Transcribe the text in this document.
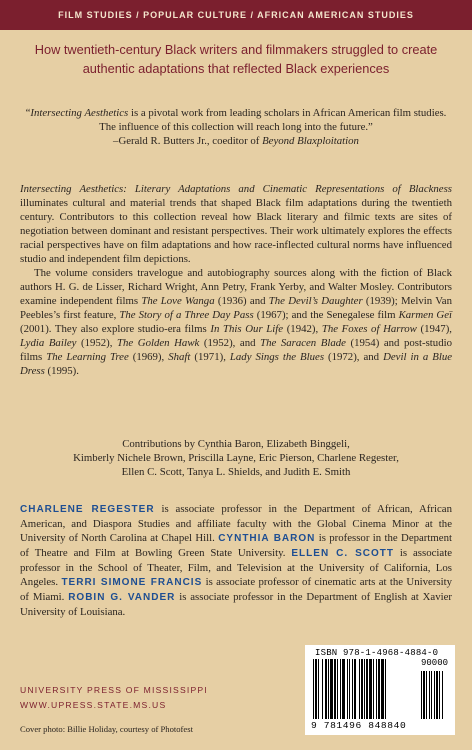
FILM STUDIES / POPULAR CULTURE / AFRICAN AMERICAN STUDIES
How twentieth-century Black writers and filmmakers struggled to create authentic adaptations that reflected Black experiences
“Intersecting Aesthetics is a pivotal work from leading scholars in African American film studies. The influence of this collection will reach long into the future.”
–Gerald R. Butters Jr., coeditor of Beyond Blaxploitation

Intersecting Aesthetics: Literary Adaptations and Cinematic Representations of Blackness illuminates cultural and material trends that shaped Black film adaptations during the twentieth century. Contributors to this collection reveal how Black literary and filmic texts are sites of negotiation between dominant and resistant perspectives. Their work ultimately explores the effects racial perspectives have on film adaptations and how race-inflected cultural norms have influenced studio and independent film depictions.

The volume considers travelogue and autobiography sources along with the fiction of Black authors H. G. de Lisser, Richard Wright, Ann Petry, Frank Yerby, and Walter Mosley. Contributors examine independent films The Love Wanga (1936) and The Devil’s Daughter (1939); Melvin Van Peebles’s first feature, The Story of a Three Day Pass (1967); and the Senegalese film Karmen Geï (2001). They also explore studio-era films In This Our Life (1942), The Foxes of Harrow (1947), Lydia Bailey (1952), The Golden Hawk (1952), and The Saracen Blade (1954) and post-studio films The Learning Tree (1969), Shaft (1971), Lady Sings the Blues (1972), and Devil in a Blue Dress (1995).

Contributions by Cynthia Baron, Elizabeth Binggeli,
Kimberly Nichele Brown, Priscilla Layne, Eric Pierson, Charlene Regester,
Ellen C. Scott, Tanya L. Shields, and Judith E. Smith

CHARLENE REGESTER is associate professor in the Department of African, African American, and Diaspora Studies and affiliate faculty with the Global Cinema Minor at the University of North Carolina at Chapel Hill. CYNTHIA BARON is professor in the Department of Theatre and Film at Bowling Green State University. ELLEN C. SCOTT is associate professor in the School of Theater, Film, and Television at the University of California, Los Angeles. TERRI SIMONE FRANCIS is associate professor of cinematic arts at the University of Miami. ROBIN G. VANDER is associate professor in the Department of English at Xavier University of Louisiana.

UNIVERSITY PRESS OF MISSISSIPPI
WWW.UPRESS.STATE.MS.US
Cover photo: Billie Holiday, courtesy of Photofest
ISBN 978-1-4968-4884-0
90000
9 781496 848840
